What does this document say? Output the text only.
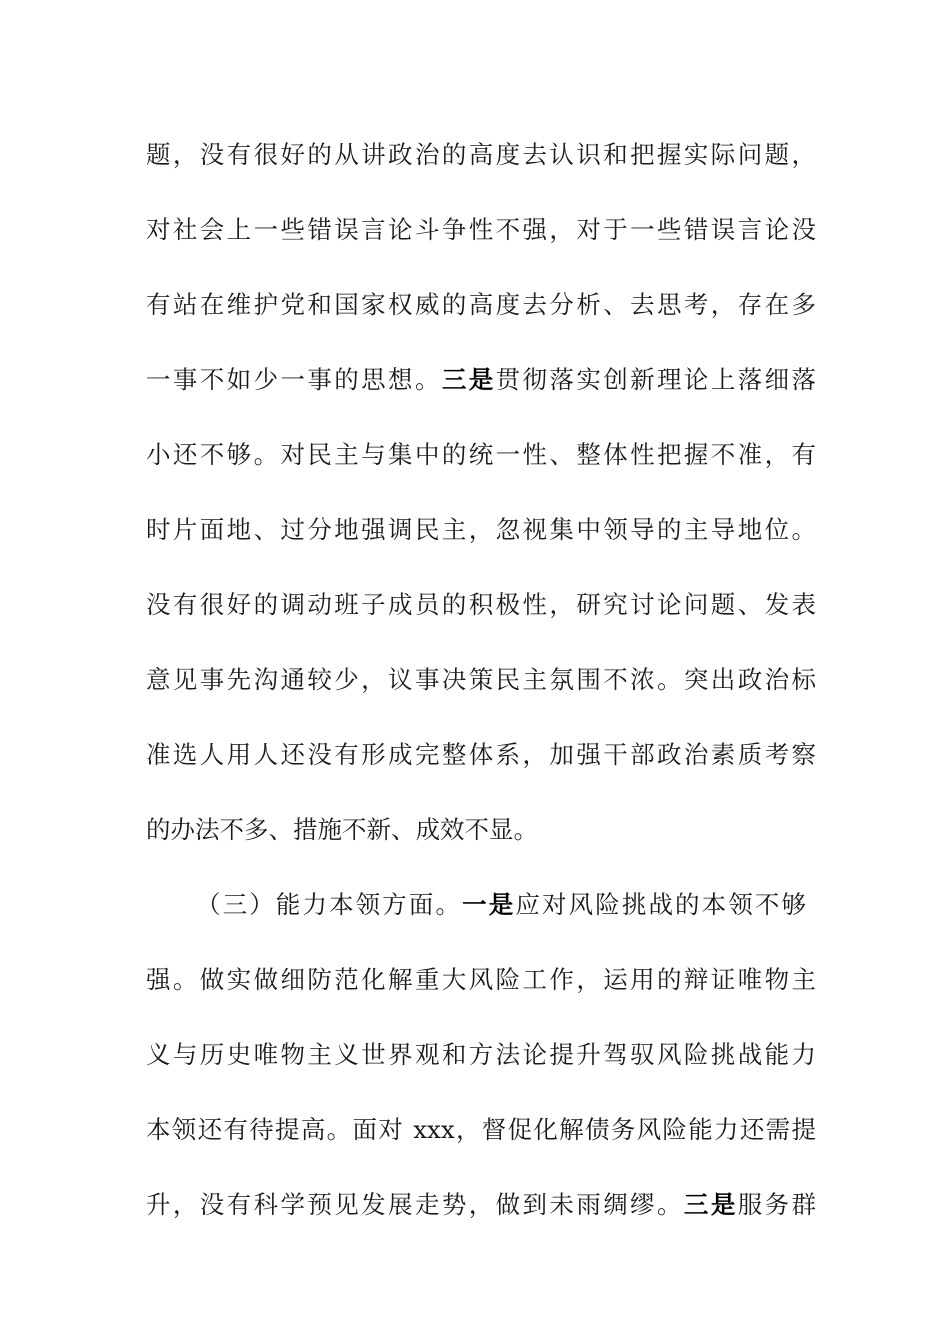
题，没有很好的从讲政治的高度去认识和把握实际问题，
对社会上一些错误言论斗争性不强，对于一些错误言论没
有站在维护党和国家权威的高度去分析、去思考，存在多
一事不如少一事的思想。三是贯彻落实创新理论上落细落
小还不够。对民主与集中的统一性、整体性把握不准，有
时片面地、过分地强调民主，忽视集中领导的主导地位。
没有很好的调动班子成员的积极性，研究讨论问题、发表
意见事先沟通较少，议事决策民主氛围不浓。突出政治标
准选人用人还没有形成完整体系，加强干部政治素质考察
的办法不多、措施不新、成效不显。
（三）能力本领方面。一是应对风险挑战的本领不够
强。做实做细防范化解重大风险工作，运用的辩证唯物主
义与历史唯物主义世界观和方法论提升驾驭风险挑战能力
本领还有待提高。面对 xxx，督促化解债务风险能力还需提
升，没有科学预见发展走势，做到未雨绸缪。三是服务群
